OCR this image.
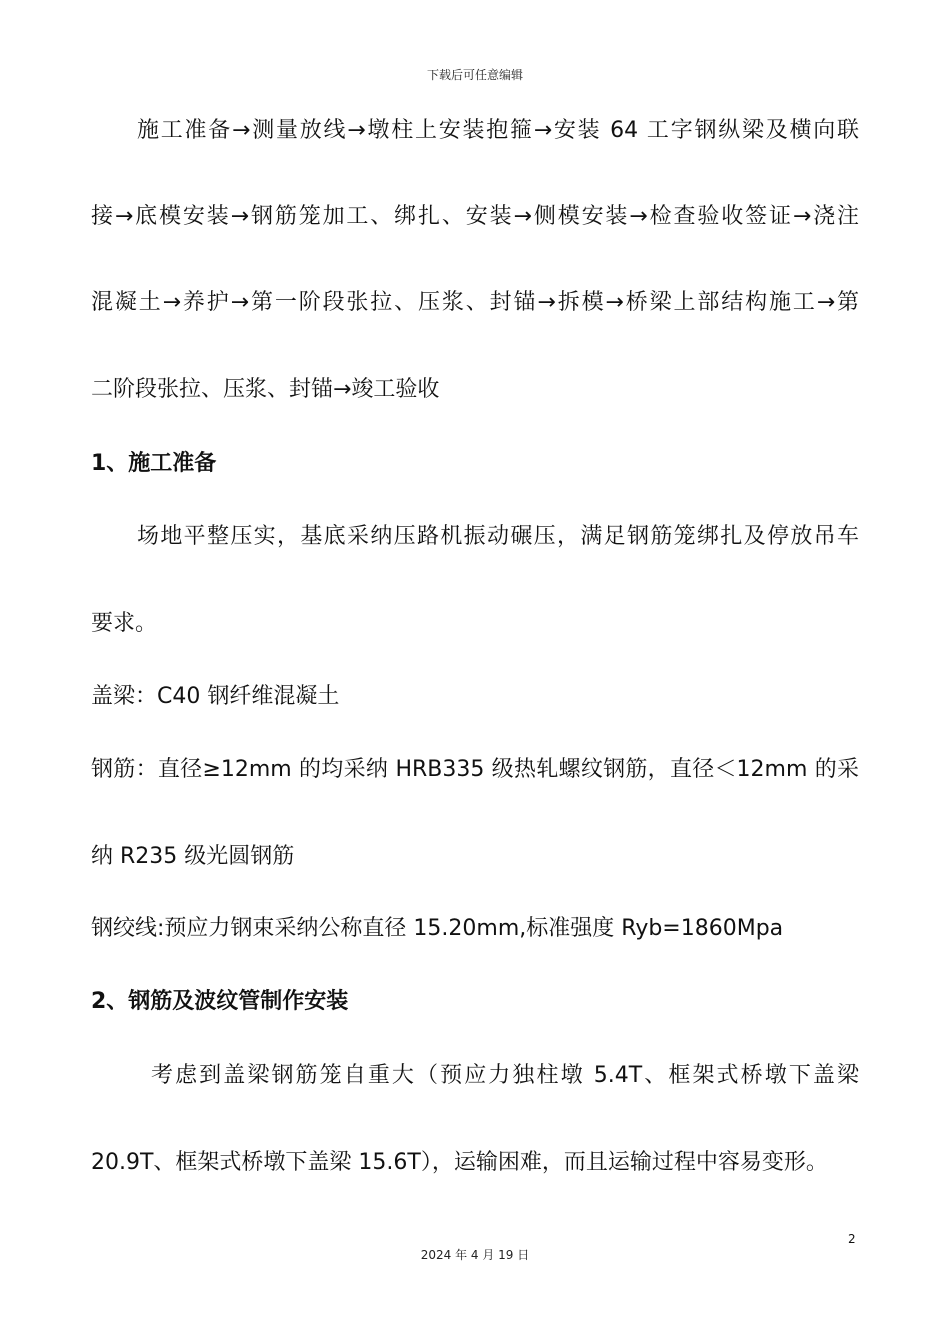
下载后可任意编辑
施工准备→测量放线→墩柱上安装抱箍→安装 64 工字钢纵梁及横向联
接→底模安装→钢筋笼加工、绑扎、安装→侧模安装→检查验收签证→浇注
混凝土→养护→第一阶段张拉、压浆、封锚→拆模→桥梁上部结构施工→第
二阶段张拉、压浆、封锚→竣工验收
1、施工准备
场地平整压实，基底采纳压路机振动碾压，满足钢筋笼绑扎及停放吊车
要求。
盖梁：C40 钢纤维混凝土
钢筋：直径≥12mm 的均采纳 HRB335 级热轧螺纹钢筋，直径＜12mm 的采
纳 R235 级光圆钢筋
钢绞线:预应力钢束采纳公称直径 15.20mm,标准强度 Ryb=1860Mpa
2、钢筋及波纹管制作安装
考虑到盖梁钢筋笼自重大（预应力独柱墩 5.4T、框架式桥墩下盖梁
20.9T、框架式桥墩下盖梁 15.6T），运输困难，而且运输过程中容易变形。
2
2024 年 4 月 19 日
